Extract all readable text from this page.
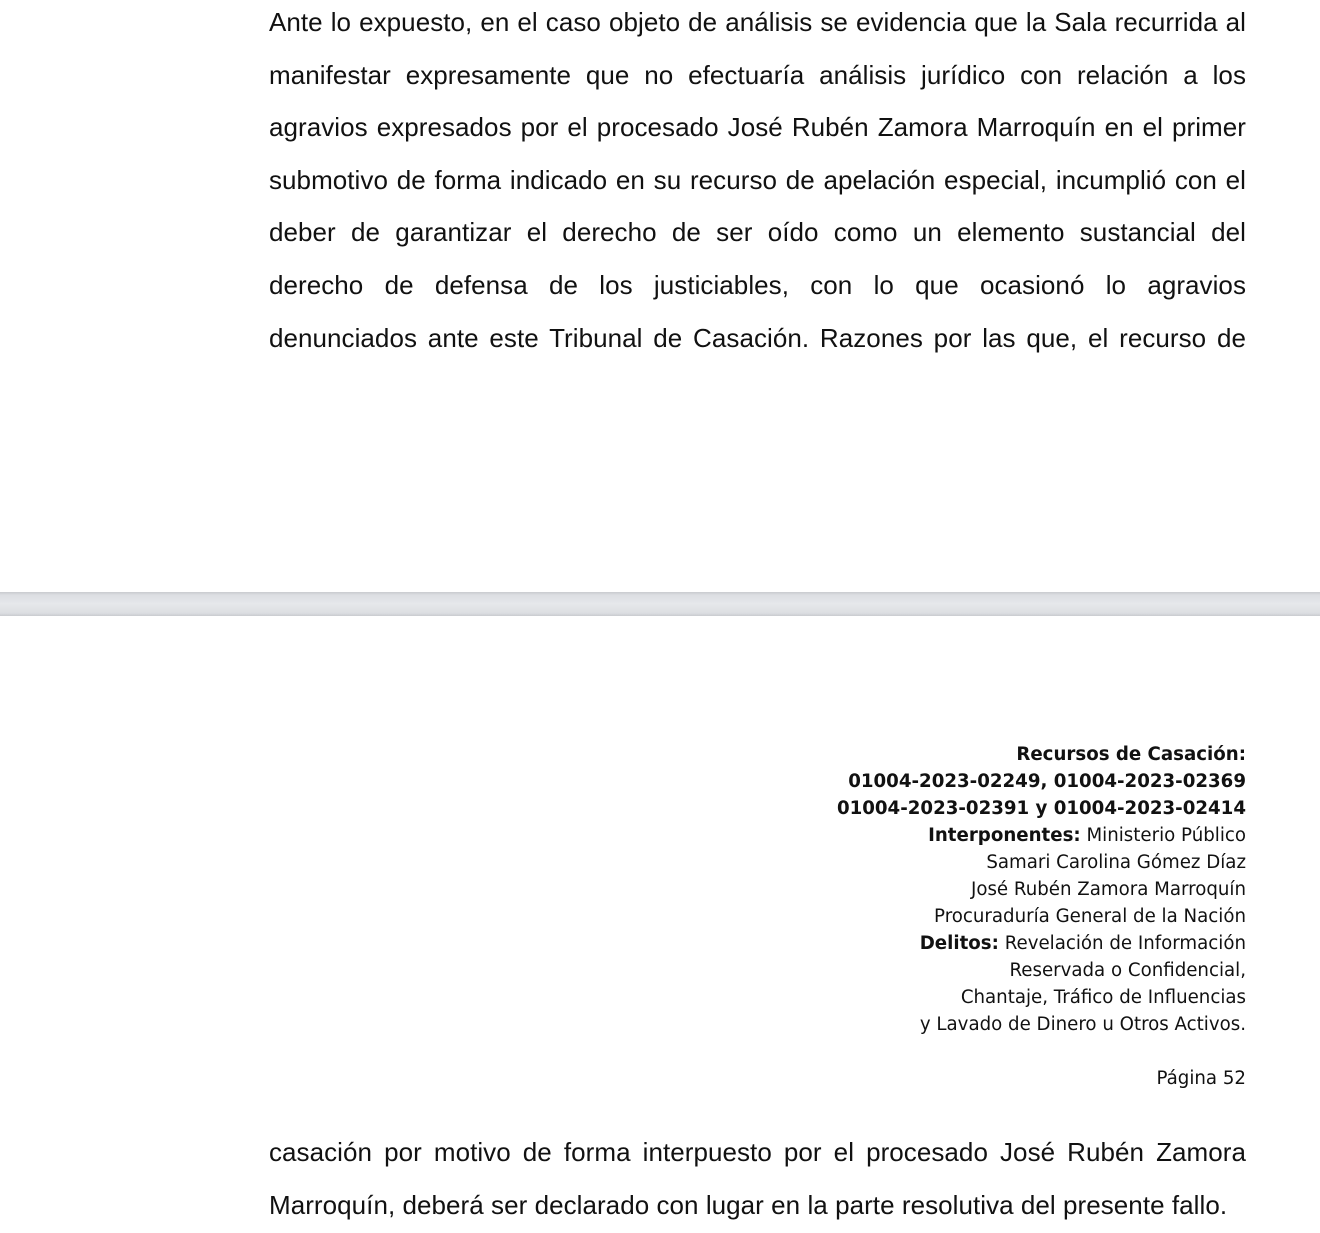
Ante lo expuesto, en el caso objeto de análisis se evidencia que la Sala recurrida al
manifestar expresamente que no efectuaría análisis jurídico con relación a los
agravios expresados por el procesado José Rubén Zamora Marroquín en el primer
submotivo de forma indicado en su recurso de apelación especial, incumplió con el
deber de garantizar el derecho de ser oído como un elemento sustancial del
derecho de defensa de los justiciables, con lo que ocasionó lo agravios
denunciados ante este Tribunal de Casación. Razones por las que, el recurso de
Recursos de Casación:
01004-2023-02249, 01004-2023-02369
01004-2023-02391 y 01004-2023-02414
Interponentes: Ministerio Público
Samari Carolina Gómez Díaz
José Rubén Zamora Marroquín
Procuraduría General de la Nación
Delitos: Revelación de Información
Reservada o Confidencial,
Chantaje, Tráfico de Influencias
y Lavado de Dinero u Otros Activos.
Página 52
casación por motivo de forma interpuesto por el procesado José Rubén Zamora
Marroquín, deberá ser declarado con lugar en la parte resolutiva del presente fallo.
